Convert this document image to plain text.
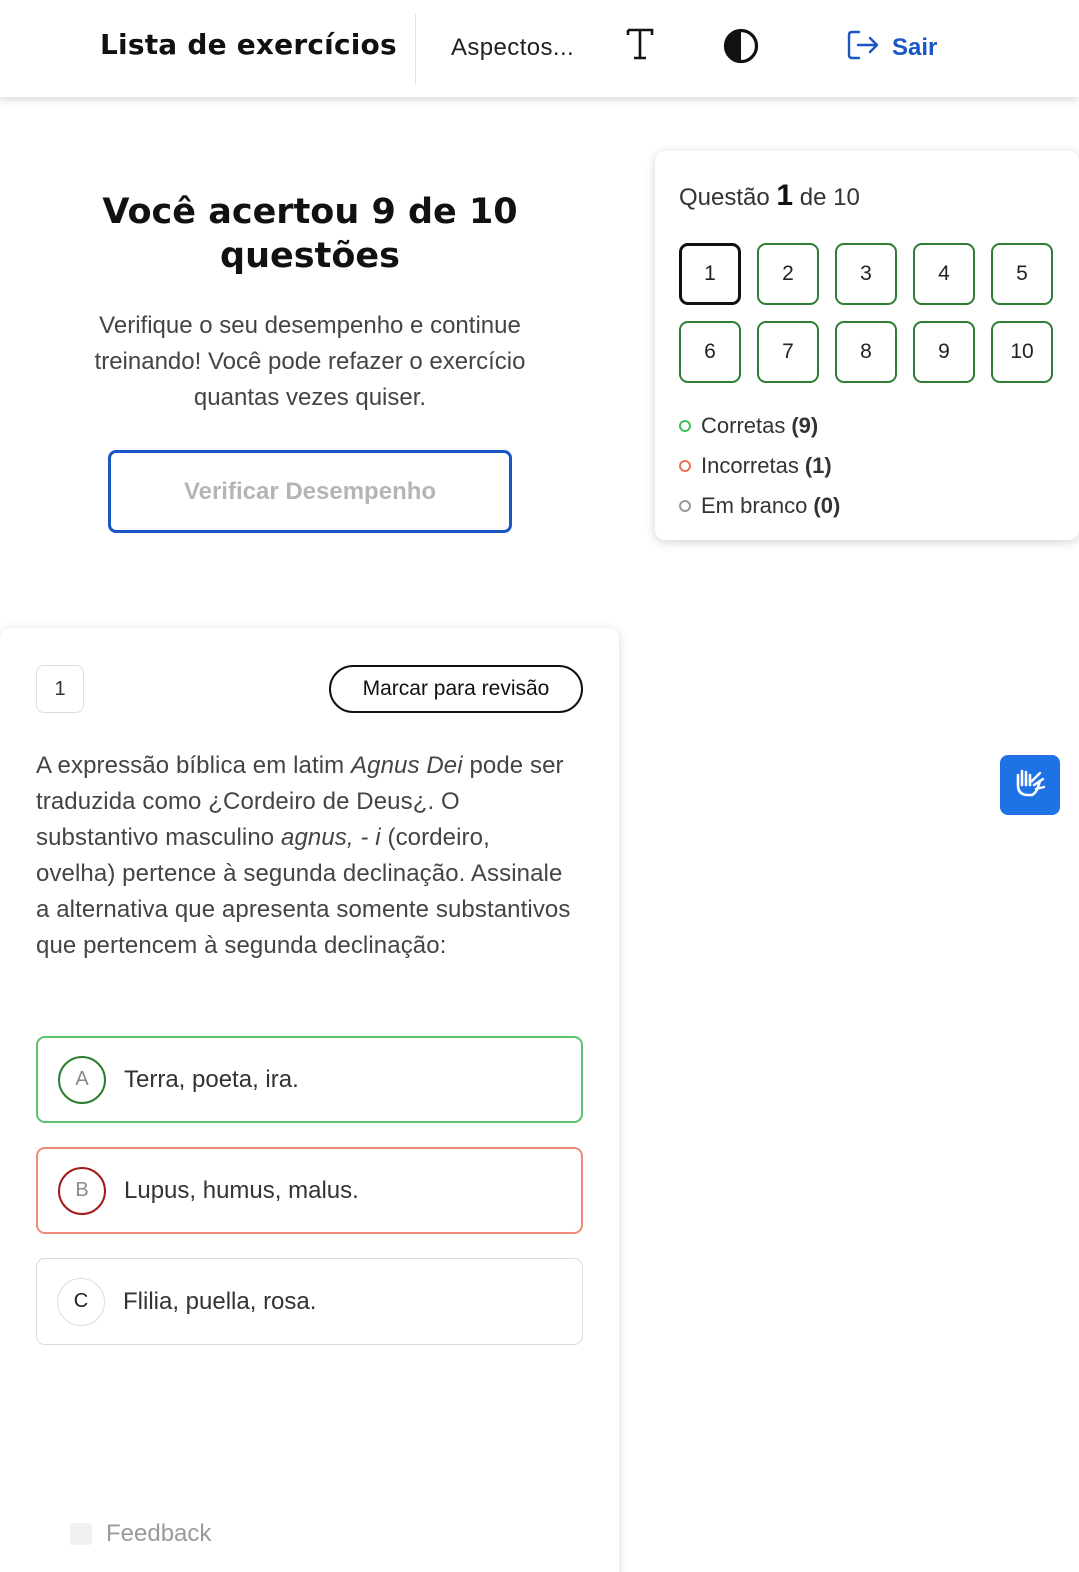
Lista de exercícios Aspectos...	Sair
Você acertou 9 de 10 questões

Verifique o seu desempenho e continue treinando! Você pode refazer o exercício quantas vezes quiser.

Verificar Desempenho
Questão 1 de 10
1	2	3	4	5
6	7	8	9	10
Corretas (9)
Incorretas (1)
Em branco (0)
1	Marcar para revisão
A expressão bíblica em latim Agnus Dei pode ser traduzida como ¿Cordeiro de Deus¿. O substantivo masculino agnus, - i (cordeiro, ovelha) pertence à segunda declinação. Assinale a alternativa que apresenta somente substantivos que pertencem à segunda declinação:
A	Terra, poeta, ira.
B	Lupus, humus, malus.
C	Flilia, puella, rosa.
Feedback
